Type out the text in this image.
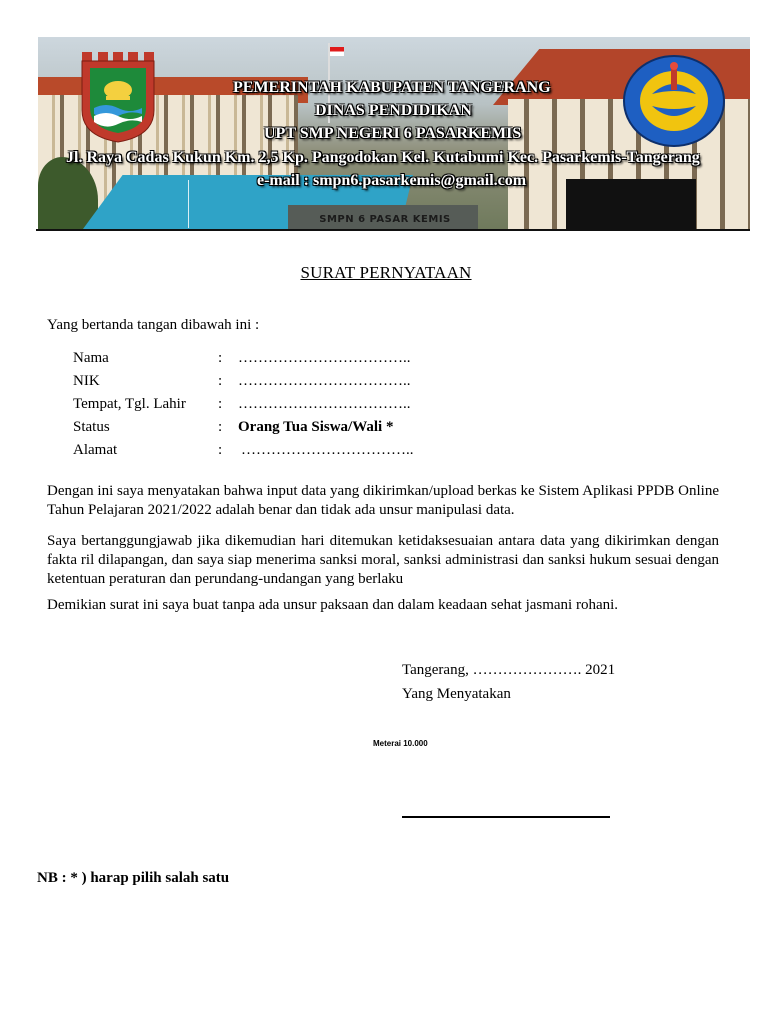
SMPN 6 PASAR KEMIS
PEMERINTAH KABUPATEN TANGERANG
DINAS PENDIDIKAN
UPT SMP NEGERI 6 PASARKEMIS
Jl. Raya Cadas Kukun Km. 2,5 Kp. Pangodokan Kel. Kutabumi Kec. Pasarkemis-Tangerang
e-mail : smpn6.pasarkemis@gmail.com
SURAT PERNYATAAN
Yang bertanda tangan dibawah ini :
Nama	: ……………………………..
NIK	: ……………………………..
Tempat, Tgl. Lahir : ……………………………..
Status	: Orang Tua Siswa/Wali *
Alamat	: ……………………………..
Dengan ini saya menyatakan bahwa input data yang dikirimkan/upload berkas ke Sistem Aplikasi PPDB Online Tahun Pelajaran 2021/2022 adalah benar dan tidak ada unsur manipulasi data.
Saya bertanggungjawab jika dikemudian hari ditemukan ketidaksesuaian antara data yang dikirimkan dengan fakta ril dilapangan, dan saya siap menerima sanksi moral, sanksi administrasi dan sanksi hukum sesuai dengan ketentuan peraturan dan perundang-undangan yang berlaku
Demikian surat ini saya buat tanpa ada unsur paksaan dan dalam keadaan sehat jasmani rohani.
Tangerang, …………………. 2021
Yang Menyatakan
Meterai 10.000
NB : * ) harap pilih salah satu
